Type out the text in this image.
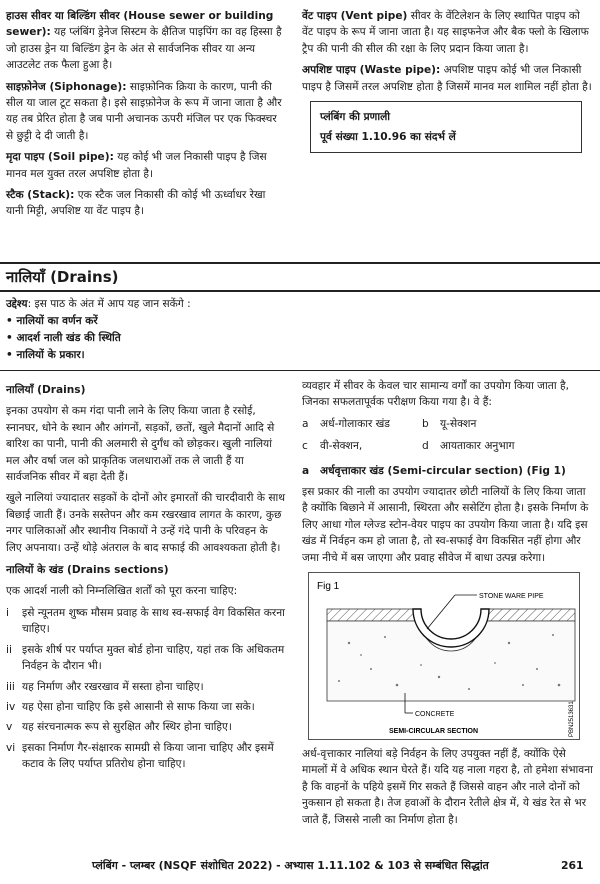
हाउस सीवर या बिल्डिंग सीवर (House sewer or building sewer): यह प्लंबिंग ड्रेनेज सिस्टम के क्षैतिज पाइपिंग का वह हिस्सा है जो हाउस ड्रेन या बिल्डिंग ड्रेन के अंत से सार्वजनिक सीवर या अन्य आउटलेट तक फैला हुआ है।

साइफ़ोनेज (Siphonage): साइफ़ोनिक क्रिया के कारण, पानी की सील या जाल टूट सकता है। इसे साइफ़ोनेज के रूप में जाना जाता है और यह तब प्रेरित होता है जब पानी अचानक ऊपरी मंजिल पर एक फिक्स्चर से छुट्टी दे दी जाती है।

मृदा पाइप (Soil pipe): यह कोई भी जल निकासी पाइप है जिस मानव मल युक्त तरल अपशिष्ट होता है।

स्टैक (Stack): एक स्टैक जल निकासी की कोई भी ऊर्ध्वाधर रेखा यानी मिट्टी, अपशिष्ट या वेंट पाइप है।

वेंट पाइप (Vent pipe) सीवर के वेंटिलेशन के लिए स्थापित पाइप को वेंट पाइप के रूप में जाना जाता है। यह साइफनेज और बैक फ्लो के खिलाफ ट्रैप की पानी की सील की रक्षा के लिए प्रदान किया जाता है।

अपशिष्ट पाइप (Waste pipe): अपशिष्ट पाइप कोई भी जल निकासी पाइप है जिसमें तरल अपशिष्ट होता है जिसमें मानव मल शामिल नहीं होता है।

प्लंबिंग की प्रणाली
पूर्व संख्या 1.10.96 का संदर्भ लें
नालियाँ (Drains)
उद्देश्य: इस पाठ के अंत में आप यह जान सकेंगे :
• नालियों का वर्णन करें
• आदर्श नाली खंड की स्थिति
• नालियों के प्रकार।
नालियाँ (Drains)

इनका उपयोग से कम गंदा पानी लाने के लिए किया जाता है रसोई, स्नानघर, धोने के स्थान और आंगनों, सड़कों, छतों, खुले मैदानों आदि से बारिश का पानी, पानी की अलमारी से दुर्गंध को छोड़कर। खुली नालियां मल और वर्षा जल को प्राकृतिक जलधाराओं तक ले जाती हैं या सार्वजनिक सीवर में बहा देती हैं।

खुले नालियां ज्यादातर सड़कों के दोनों ओर इमारतों की चारदीवारी के साथ बिछाई जाती हैं। उनके सस्तेपन और कम रखरखाव लागत के कारण, कुछ नगर पालिकाओं और स्थानीय निकायों ने उन्हें गंदे पानी के परिवहन के लिए अपनाया। उन्हें थोड़े अंतराल के बाद सफाई की आवश्यकता होती है।

नालियों के खंड (Drains sections)

एक आदर्श नाली को निम्नलिखित शर्तों को पूरा करना चाहिए:

i	इसे न्यूनतम शुष्क मौसम प्रवाह के साथ स्व-सफाई वेग विकसित करना चाहिए।
ii इसके शीर्ष पर पर्याप्त मुक्त बोर्ड होना चाहिए, यहां तक कि अधिकतम निर्वहन के दौरान भी।
iii यह निर्माण और रखरखाव में सस्ता होना चाहिए।
iv यह ऐसा होना चाहिए कि इसे आसानी से साफ किया जा सके।
v यह संरचनात्मक रूप से सुरक्षित और स्थिर होना चाहिए।
vi इसका निर्माण गैर-संक्षारक सामग्री से किया जाना चाहिए और इसमें कटाव के लिए पर्याप्त प्रतिरोध होना चाहिए।

व्यवहार में सीवर के केवल चार सामान्य वर्गों का उपयोग किया जाता है, जिनका सफलतापूर्वक परीक्षण किया गया है। वे हैं:

a अर्ध-गोलाकार खंड	b यू-सेक्शन
c वी-सेक्शन,	d आयताकार अनुभाग
a अर्धवृत्ताकार खंड (Semi-circular section) (Fig 1)

इस प्रकार की नाली का उपयोग ज्यादातर छोटी नालियों के लिए किया जाता है क्योंकि बिछाने में आसानी, स्थिरता और ससेटिंग होता है। इसके निर्माण के लिए आधा गोल ग्लेज्ड स्टोन-वेयर पाइप का उपयोग किया जाता है। यदि इस खंड में निर्वहन कम हो जाता है, तो स्व-सफाई वेग विकसित नहीं होगा और जमा नीचे में बस जाएगा और प्रवाह सीवेज में बाधा उत्पन्न करेगा।

Fig 1
STONE WARE PIPE
CONCRETE
SEMI-CIRCULAR SECTION	PBN2513631

अर्ध-वृत्ताकार नालियां बड़े निर्वहन के लिए उपयुक्त नहीं हैं, क्योंकि ऐसे मामलों में वे अधिक स्थान घेरते हैं। यदि यह नाला गहरा है, तो हमेशा संभावना है कि वाहनों के पहिये इसमें गिर सकते हैं जिससे वाहन और नाले दोनों को नुकसान हो सकता है। तेज हवाओं के दौरान रेतीले क्षेत्र में, ये खंड रेत से भर जाते हैं, जिससे नाली का निर्माण होता है।

प्लंबिंग - प्लम्बर (NSQF संशोधित 2022) - अभ्यास 1.11.102 & 103 से सम्बंधित सिद्धांत	261
